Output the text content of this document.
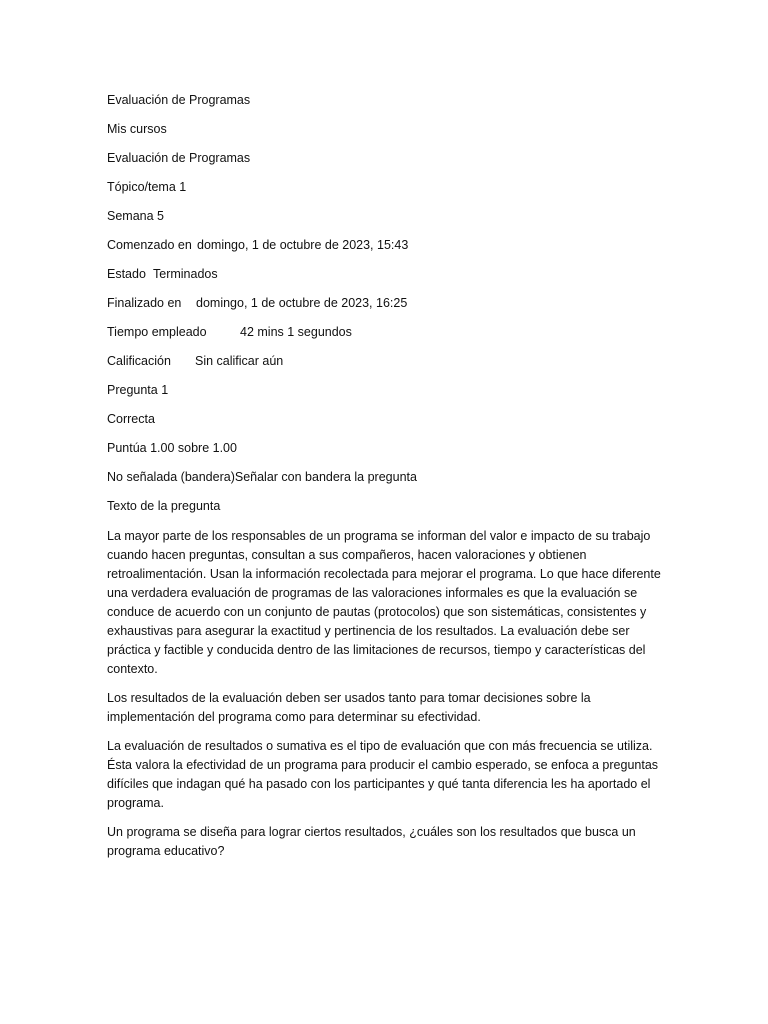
Evaluación de Programas
Mis cursos
Evaluación de Programas
Tópico/tema 1
Semana 5
Comenzado en domingo, 1 de octubre de 2023, 15:43
Estado Terminados
Finalizado en domingo, 1 de octubre de 2023, 16:25
Tiempo empleado	42 mins 1 segundos
Calificación Sin calificar aún
Pregunta 1
Correcta
Puntúa 1.00 sobre 1.00
No señalada (bandera)Señalar con bandera la pregunta
Texto de la pregunta

La mayor parte de los responsables de un programa se informan del valor e impacto de su trabajo cuando hacen preguntas, consultan a sus compañeros, hacen valoraciones y obtienen retroalimentación. Usan la información recolectada para mejorar el programa. Lo que hace diferente una verdadera evaluación de programas de las valoraciones informales es que la evaluación se conduce de acuerdo con un conjunto de pautas (protocolos) que son sistemáticas, consistentes y exhaustivas para asegurar la exactitud y pertinencia de los resultados. La evaluación debe ser práctica y factible y conducida dentro de las limitaciones de recursos, tiempo y características del contexto.

Los resultados de la evaluación deben ser usados tanto para tomar decisiones sobre la implementación del programa como para determinar su efectividad.

La evaluación de resultados o sumativa es el tipo de evaluación que con más frecuencia se utiliza. Ésta valora la efectividad de un programa para producir el cambio esperado, se enfoca a preguntas difíciles que indagan qué ha pasado con los participantes y qué tanta diferencia les ha aportado el programa.

Un programa se diseña para lograr ciertos resultados, ¿cuáles son los resultados que busca un programa educativo?
